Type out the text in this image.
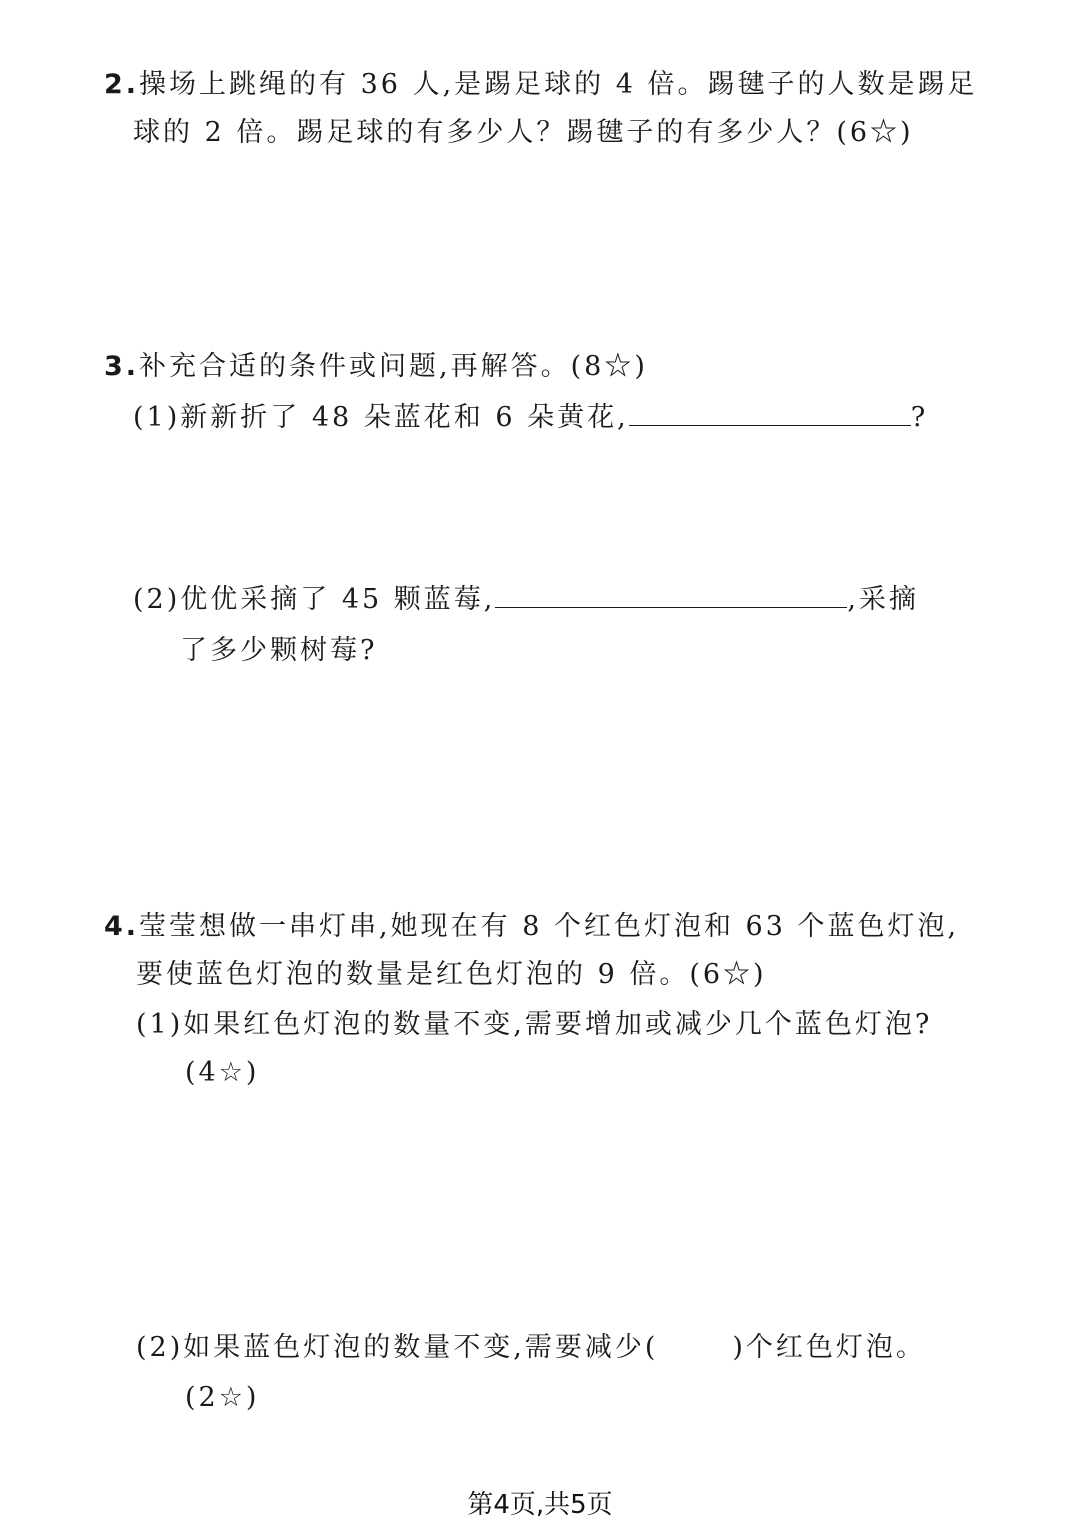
2.操场上跳绳的有 36 人,是踢足球的 4 倍。踢毽子的人数是踢足
球的 2 倍。踢足球的有多少人？踢毽子的有多少人？(6☆)
3.补充合适的条件或问题,再解答。(8☆)
(1)新新折了 48 朵蓝花和 6 朵黄花,	?
(2)优优采摘了 45 颗蓝莓,	,采摘
了多少颗树莓?
4.莹莹想做一串灯串,她现在有 8 个红色灯泡和 63 个蓝色灯泡,
要使蓝色灯泡的数量是红色灯泡的 9 倍。(6☆)
(1)如果红色灯泡的数量不变,需要增加或减少几个蓝色灯泡?
(4☆)
(2)如果蓝色灯泡的数量不变,需要减少(	)个红色灯泡。
(2☆)
第4页,共5页
